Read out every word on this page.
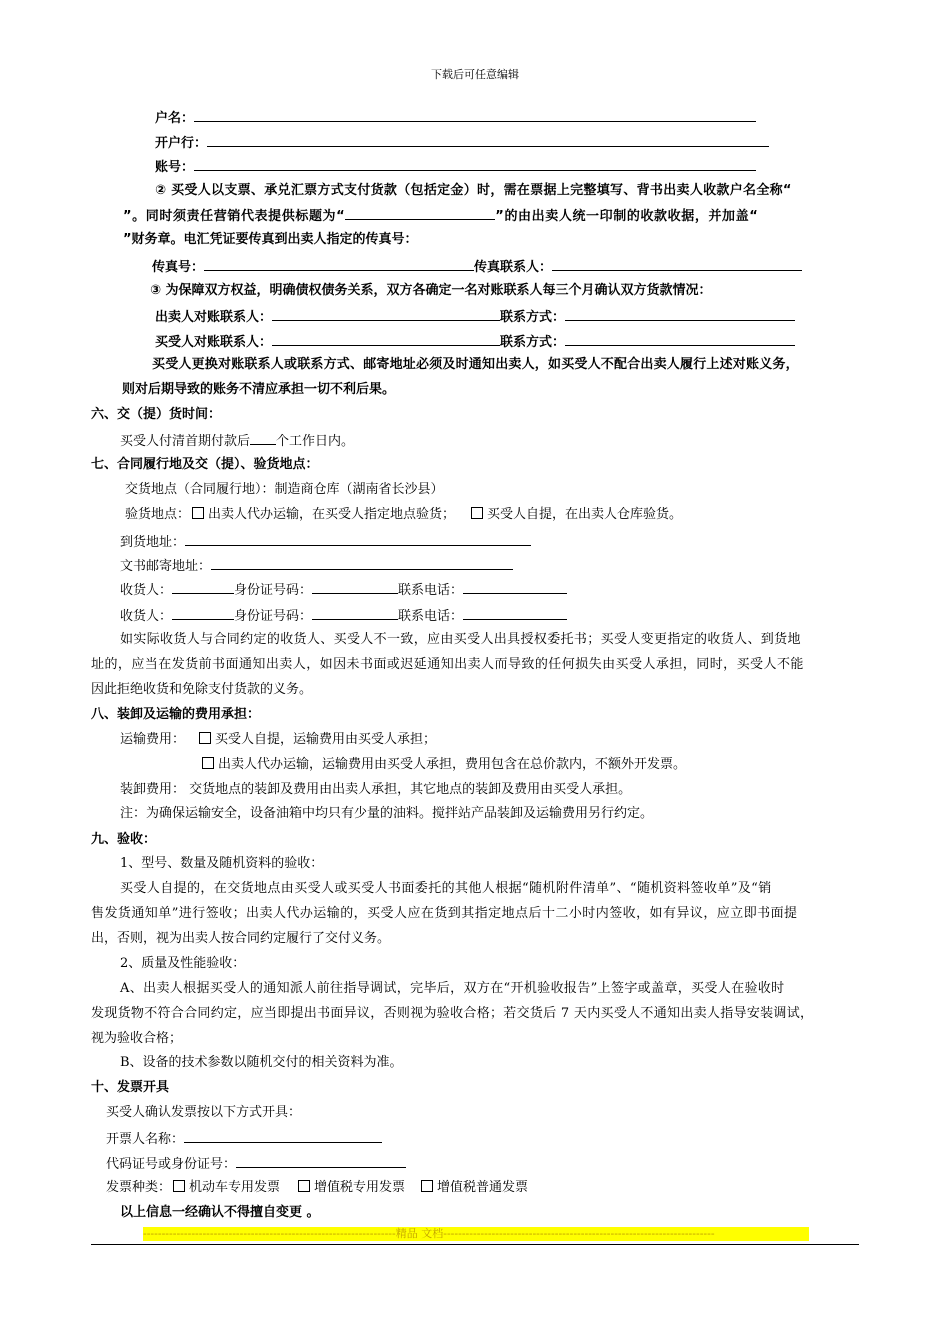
下载后可任意编辑
户名：
开户行：
账号：
② 买受人以支票、承兑汇票方式支付货款（包括定金）时，需在票据上完整填写、背书出卖人收款户名全称“
”。同时须责任营销代表提供标题为“	”的由出卖人统一印制的收款收据，并加盖“
”财务章。电汇凭证要传真到出卖人指定的传真号：
传真号：	传真联系人：
③ 为保障双方权益，明确债权债务关系，双方各确定一名对账联系人每三个月确认双方货款情况：
出卖人对账联系人：	联系方式：
买受人对账联系人：	联系方式：
买受人更换对账联系人或联系方式、邮寄地址必须及时通知出卖人，如买受人不配合出卖人履行上述对账义务，
则对后期导致的账务不清应承担一切不利后果。
六、交（提）货时间：
买受人付清首期付款后 个工作日内。
七、合同履行地及交（提）、验货地点：
交货地点（合同履行地）：制造商仓库（湖南省长沙县）
验货地点： 出卖人代办运输，在买受人指定地点验货； 买受人自提，在出卖人仓库验货。
到货地址：
文书邮寄地址：
收货人：	身份证号码：	联系电话：
收货人：	身份证号码：	联系电话：
如实际收货人与合同约定的收货人、买受人不一致，应由买受人出具授权委托书；买受人变更指定的收货人、到货地
址的，应当在发货前书面通知出卖人，如因未书面或迟延通知出卖人而导致的任何损失由买受人承担，同时，买受人不能
因此拒绝收货和免除支付货款的义务。
八、装卸及运输的费用承担：
运输费用： 买受人自提，运输费用由买受人承担；
出卖人代办运输，运输费用由买受人承担，费用包含在总价款内，不额外开发票。
装卸费用： 交货地点的装卸及费用由出卖人承担，其它地点的装卸及费用由买受人承担。
注：为确保运输安全，设备油箱中均只有少量的油料。搅拌站产品装卸及运输费用另行约定。
九、验收：
1、型号、数量及随机资料的验收：
买受人自提的，在交货地点由买受人或买受人书面委托的其他人根据“随机附件清单”、“随机资料签收单”及“销
售发货通知单”进行签收；出卖人代办运输的，买受人应在货到其指定地点后十二小时内签收，如有异议，应立即书面提
出，否则，视为出卖人按合同约定履行了交付义务。
2、质量及性能验收：
A、出卖人根据买受人的通知派人前往指导调试，完毕后，双方在“开机验收报告”上签字或盖章，买受人在验收时
发现货物不符合合同约定，应当即提出书面异议，否则视为验收合格；若交货后 7 天内买受人不通知出卖人指导安装调试，
视为验收合格；
B、设备的技术参数以随机交付的相关资料为准。
十、发票开具
买受人确认发票按以下方式开具：
开票人名称：
代码证号或身份证号：
发票种类： 机动车专用发票	增值税专用发票 增值税普通发票
以上信息一经确认不得擅自变更 。
--------------------------------------------------------------------精品 文档-------------------------------------------------------------------------
